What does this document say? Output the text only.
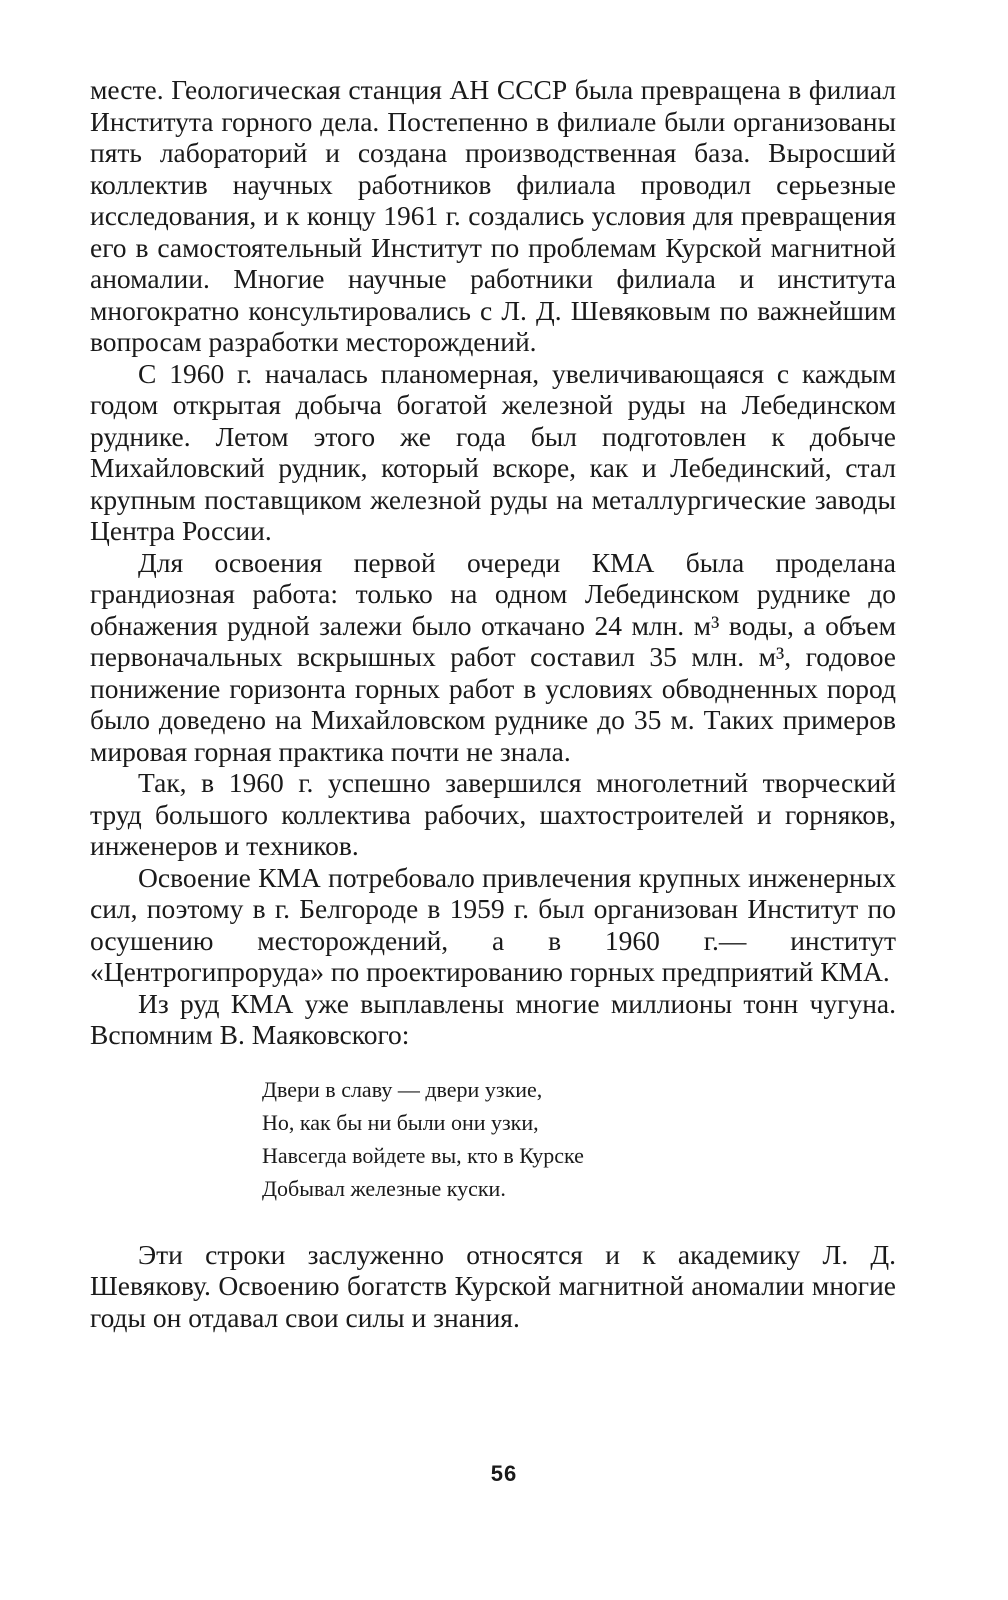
месте. Геологическая станция АН СССР была превращена в филиал Института горного дела. Постепенно в филиале были организованы пять лабораторий и создана производственная база. Выросший коллектив научных работников филиала проводил серьезные исследования, и к концу 1961 г. создались условия для превращения его в самостоятельный Институт по проблемам Курской магнитной аномалии. Многие научные работники филиала и института многократно консультировались с Л. Д. Шевяковым по важнейшим вопросам разработки месторождений.

С 1960 г. началась планомерная, увеличивающаяся с каждым годом открытая добыча богатой железной руды на Лебединском руднике. Летом этого же года был подготовлен к добыче Михайловский рудник, который вскоре, как и Лебединский, стал крупным поставщиком железной руды на металлургические заводы Центра России.

Для освоения первой очереди КМА была проделана грандиозная работа: только на одном Лебединском руднике до обнажения рудной залежи было откачано 24 млн. м³ воды, а объем первоначальных вскрышных работ составил 35 млн. м³, годовое понижение горизонта горных работ в условиях обводненных пород было доведено на Михайловском руднике до 35 м. Таких примеров мировая горная практика почти не знала.

Так, в 1960 г. успешно завершился многолетний творческий труд большого коллектива рабочих, шахтостроителей и горняков, инженеров и техников.

Освоение КМА потребовало привлечения крупных инженерных сил, поэтому в г. Белгороде в 1959 г. был организован Институт по осушению месторождений, а в 1960 г.— институт «Центрогипроруда» по проектированию горных предприятий КМА.

Из руд КМА уже выплавлены многие миллионы тонн чугуна. Вспомним В. Маяковского:

Двери в славу — двери узкие,
Но, как бы ни были они узки,
Навсегда войдете вы, кто в Курске
Добывал железные куски.

Эти строки заслуженно относятся и к академику Л. Д. Шевякову. Освоению богатств Курской магнитной аномалии многие годы он отдавал свои силы и знания.

56
